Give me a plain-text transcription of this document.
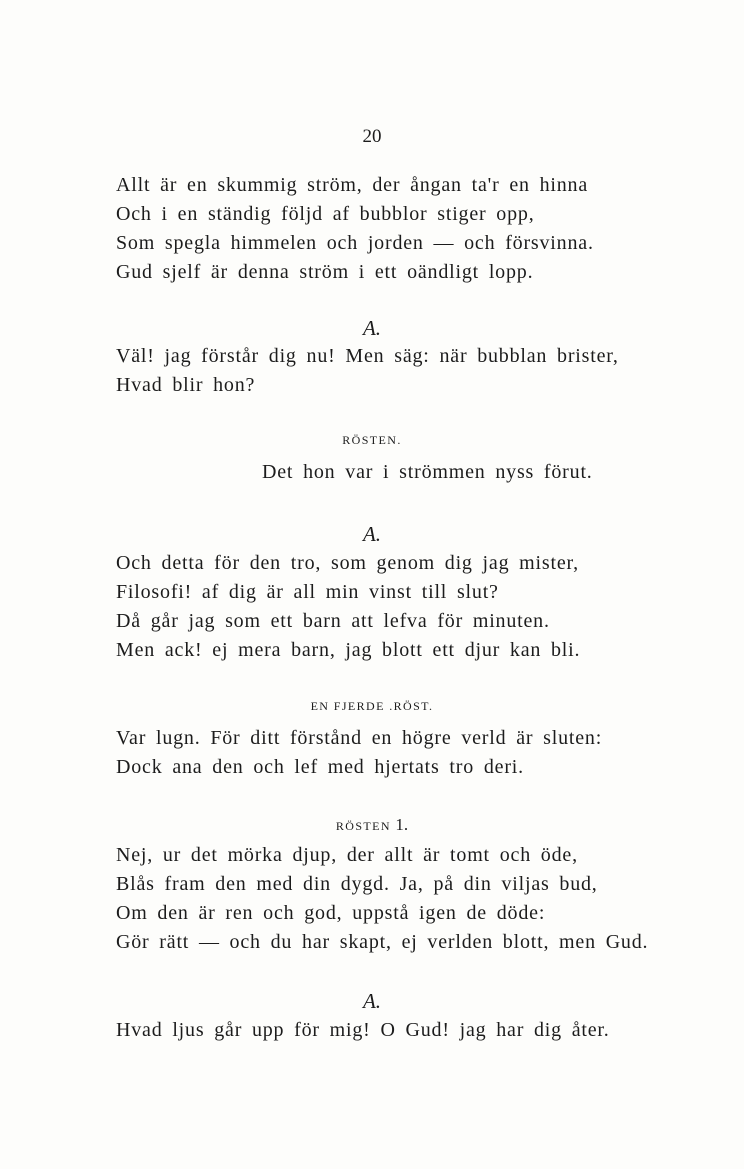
20
Allt är en skummig ström, der ångan ta'r en hinna
Och i en ständig följd af bubblor stiger opp,
Som spegla himmelen och jorden — och försvinna.
Gud sjelf är denna ström i ett oändligt lopp.
A.
Väl! jag förstår dig nu! Men säg: när bubblan brister,
Hvad blir hon?
RÖSTEN.
Det hon var i strömmen nyss förut.
A.
Och detta för den tro, som genom dig jag mister,
Filosofi! af dig är all min vinst till slut?
Då går jag som ett barn att lefva för minuten.
Men ack! ej mera barn, jag blott ett djur kan bli.
EN FJERDE .RÖST.
Var lugn. För ditt förstånd en högre verld är sluten:
Dock ana den och lef med hjertats tro deri.
RÖSTEN 1.
Nej, ur det mörka djup, der allt är tomt och öde,
Blås fram den med din dygd. Ja, på din viljas bud,
Om den är ren och god, uppstå igen de döde:
Gör rätt — och du har skapt, ej verlden blott, men Gud.
A.
Hvad ljus går upp för mig! O Gud! jag har dig åter.
